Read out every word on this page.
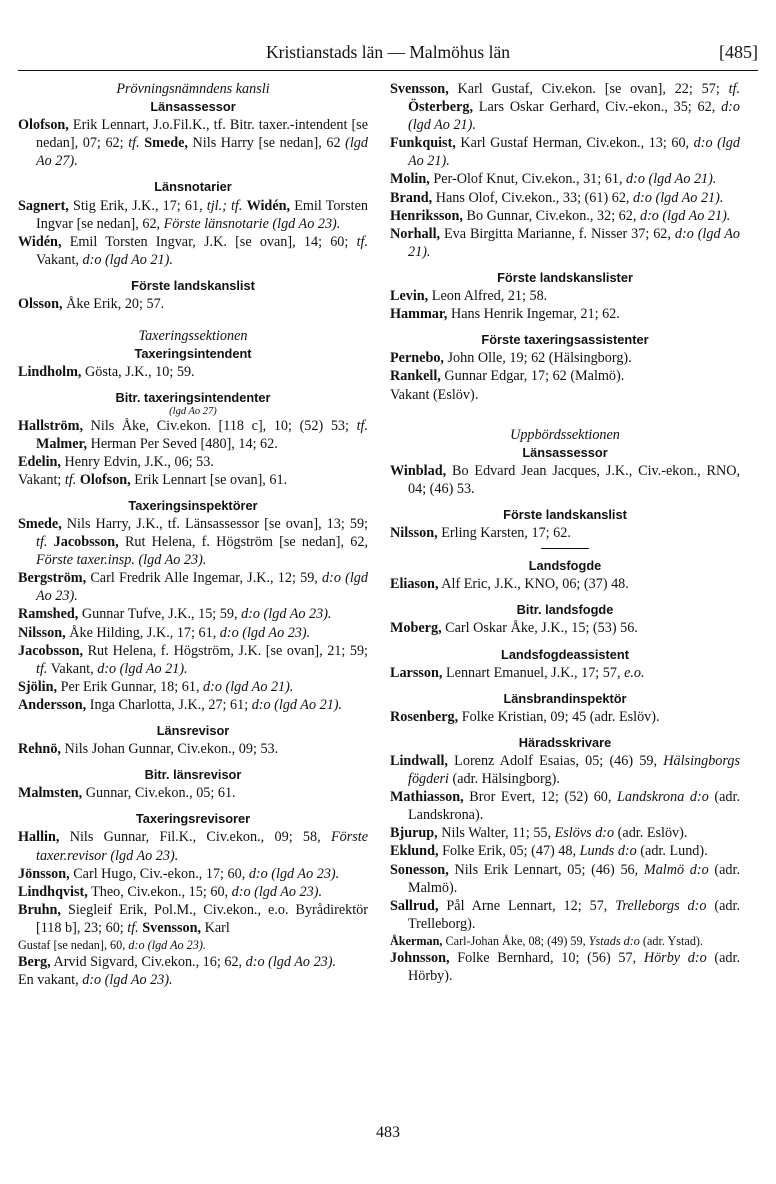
Kristianstads län — Malmöhus län	[485]
Prövningsnämndens kansli
Länsassessor
Olofson, Erik Lennart, J.o.Fil.K., tf. Bitr. taxer.-intendent [se nedan], 07; 62; tf. Smede, Nils Harry [se nedan], 62 (lgd Ao 27).
Länsnotarier
Sagnert, Stig Erik, J.K., 17; 61, tjl.; tf. Widén, Emil Torsten Ingvar [se nedan], 62, Förste länsnotarie (lgd Ao 23).
Widén, Emil Torsten Ingvar, J.K. [se ovan], 14; 60; tf. Vakant, d:o (lgd Ao 21).
Förste landskanslist
Olsson, Åke Erik, 20; 57.
Taxeringssektionen
Taxeringsintendent
Lindholm, Gösta, J.K., 10; 59.
Bitr. taxeringsintendenter
(lgd Ao 27)
Hallström, Nils Åke, Civ.ekon. [118 c], 10; (52) 53; tf. Malmer, Herman Per Seved [480], 14; 62.
Edelin, Henry Edvin, J.K., 06; 53.
Vakant; tf. Olofson, Erik Lennart [se ovan], 61.
Taxeringsinspektörer
Smede, Nils Harry, J.K., tf. Länsassessor [se ovan], 13; 59; tf. Jacobsson, Rut Helena, f. Högström [se nedan], 62, Förste taxer.insp. (lgd Ao 23).
Bergström, Carl Fredrik Alle Ingemar, J.K., 12; 59, d:o (lgd Ao 23).
Ramshed, Gunnar Tufve, J.K., 15; 59, d:o (lgd Ao 23).
Nilsson, Åke Hilding, J.K., 17; 61, d:o (lgd Ao 23).
Jacobsson, Rut Helena, f. Högström, J.K. [se ovan], 21; 59; tf. Vakant, d:o (lgd Ao 21).
Sjölin, Per Erik Gunnar, 18; 61, d:o (lgd Ao 21).
Andersson, Inga Charlotta, J.K., 27; 61; d:o (lgd Ao 21).
Länsrevisor
Rehnö, Nils Johan Gunnar, Civ.ekon., 09; 53.
Bitr. länsrevisor
Malmsten, Gunnar, Civ.ekon., 05; 61.
Taxeringsrevisorer
Hallin, Nils Gunnar, Fil.K., Civ.ekon., 09; 58, Förste taxer.revisor (lgd Ao 23).
Jönsson, Carl Hugo, Civ.-ekon., 17; 60, d:o (lgd Ao 23).
Lindhqvist, Theo, Civ.ekon., 15; 60, d:o (lgd Ao 23).
Bruhn, Siegleif Erik, Pol.M., Civ.ekon., e.o. Byrådirektör [118 b], 23; 60; tf. Svensson, Karl
Gustaf [se nedan], 60, d:o (lgd Ao 23).
Berg, Arvid Sigvard, Civ.ekon., 16; 62, d:o (lgd Ao 23).
En vakant, d:o (lgd Ao 23).
Svensson, Karl Gustaf, Civ.ekon. [se ovan], 22; 57; tf. Österberg, Lars Oskar Gerhard, Civ.-ekon., 35; 62, d:o (lgd Ao 21).
Funkquist, Karl Gustaf Herman, Civ.ekon., 13; 60, d:o (lgd Ao 21).
Molin, Per-Olof Knut, Civ.ekon., 31; 61, d:o (lgd Ao 21).
Brand, Hans Olof, Civ.ekon., 33; (61) 62, d:o (lgd Ao 21).
Henriksson, Bo Gunnar, Civ.ekon., 32; 62, d:o (lgd Ao 21).
Norhall, Eva Birgitta Marianne, f. Nisser 37; 62, d:o (lgd Ao 21).
Förste landskanslister
Levin, Leon Alfred, 21; 58.
Hammar, Hans Henrik Ingemar, 21; 62.
Förste taxeringsassistenter
Pernebo, John Olle, 19; 62 (Hälsingborg).
Rankell, Gunnar Edgar, 17; 62 (Malmö).
Vakant (Eslöv).
Uppbördssektionen
Länsassessor
Winblad, Bo Edvard Jean Jacques, J.K., Civ.-ekon., RNO, 04; (46) 53.
Förste landskanslist
Nilsson, Erling Karsten, 17; 62.
Landsfogde
Eliason, Alf Eric, J.K., KNO, 06; (37) 48.
Bitr. landsfogde
Moberg, Carl Oskar Åke, J.K., 15; (53) 56.
Landsfogdeassistent
Larsson, Lennart Emanuel, J.K., 17; 57, e.o.
Länsbrandinspektör
Rosenberg, Folke Kristian, 09; 45 (adr. Eslöv).
Häradsskrivare
Lindwall, Lorenz Adolf Esaias, 05; (46) 59, Hälsingborgs fögderi (adr. Hälsingborg).
Mathiasson, Bror Evert, 12; (52) 60, Landskrona d:o (adr. Landskrona).
Bjurup, Nils Walter, 11; 55, Eslövs d:o (adr. Eslöv).
Eklund, Folke Erik, 05; (47) 48, Lunds d:o (adr. Lund).
Sonesson, Nils Erik Lennart, 05; (46) 56, Malmö d:o (adr. Malmö).
Sallrud, Pål Arne Lennart, 12; 57, Trelleborgs d:o (adr. Trelleborg).
Åkerman, Carl-Johan Åke, 08; (49) 59, Ystads d:o (adr. Ystad).
Johnsson, Folke Bernhard, 10; (56) 57, Hörby d:o (adr. Hörby).
483
